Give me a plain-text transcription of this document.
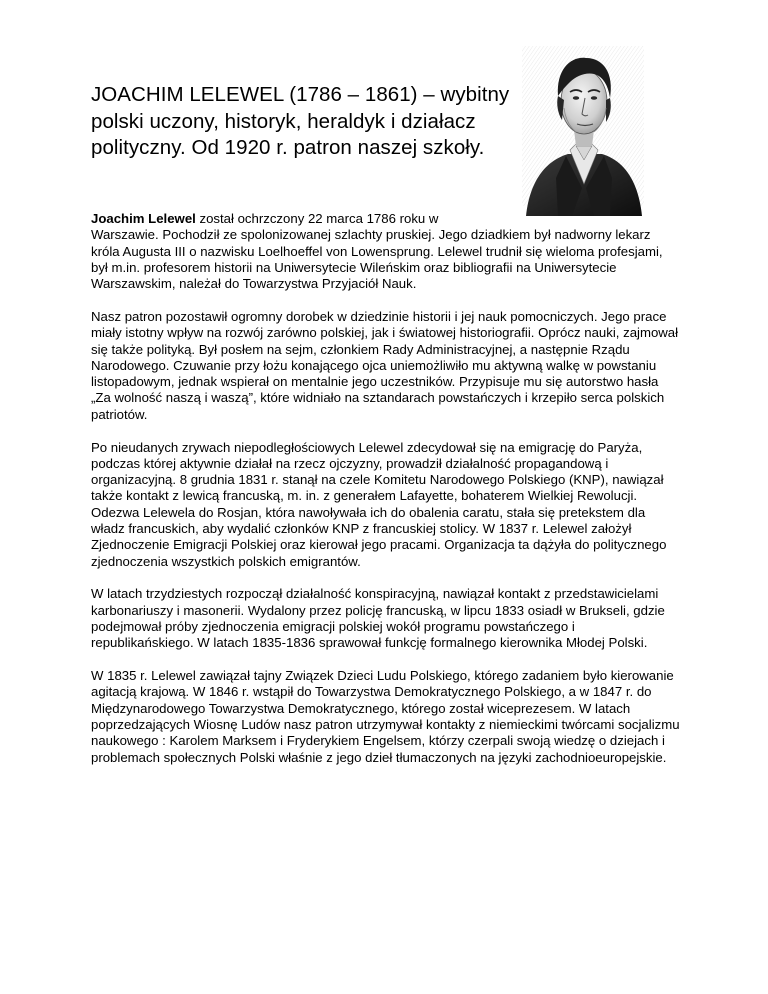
JOACHIM LELEWEL (1786 – 1861) – wybitny polski uczony, historyk, heraldyk i działacz polityczny. Od 1920 r. patron naszej szkoły.

Joachim Lelewel został ochrzczony 22 marca 1786 roku w
Warszawie. Pochodził ze spolonizowanej szlachty pruskiej. Jego dziadkiem był nadworny lekarz króla Augusta III o nazwisku Loelhoeffel von Lowensprung. Lelewel trudnił się wieloma profesjami, był m.in. profesorem historii na Uniwersytecie Wileńskim oraz bibliografii na Uniwersytecie Warszawskim, należał do Towarzystwa Przyjaciół Nauk.

Nasz patron pozostawił ogromny dorobek w dziedzinie historii i jej nauk pomocniczych. Jego prace miały istotny wpływ na rozwój zarówno polskiej, jak i światowej historiografii. Oprócz nauki, zajmował się także polityką. Był posłem na sejm, członkiem Rady Administracyjnej, a następnie Rządu Narodowego. Czuwanie przy łożu konającego ojca uniemożliwiło mu aktywną walkę w powstaniu listopadowym, jednak wspierał on mentalnie jego uczestników. Przypisuje mu się autorstwo hasła „Za wolność naszą i waszą”, które widniało na sztandarach powstańczych i krzepiło serca polskich patriotów.

Po nieudanych zrywach niepodległościowych Lelewel zdecydował się na emigrację do Paryża, podczas której aktywnie działał na rzecz ojczyzny, prowadził działalność propagandową i organizacyjną. 8 grudnia 1831 r. stanął na czele Komitetu Narodowego Polskiego (KNP), nawiązał także kontakt z lewicą francuską, m. in. z generałem Lafayette, bohaterem Wielkiej Rewolucji. Odezwa Lelewela do Rosjan, która nawoływała ich do obalenia caratu, stała się pretekstem dla władz francuskich, aby wydalić członków KNP z francuskiej stolicy. W 1837 r. Lelewel założył Zjednoczenie Emigracji Polskiej oraz kierował jego pracami. Organizacja ta dążyła do politycznego zjednoczenia wszystkich polskich emigrantów.

W latach trzydziestych rozpoczął działalność konspiracyjną, nawiązał kontakt z przedstawicielami karbonariuszy i masonerii. Wydalony przez policję francuską, w lipcu 1833 osiadł w Brukseli, gdzie podejmował próby zjednoczenia emigracji polskiej wokół programu powstańczego i republikańskiego. W latach 1835-1836 sprawował funkcję formalnego kierownika Młodej Polski.

W 1835 r. Lelewel zawiązał tajny Związek Dzieci Ludu Polskiego, którego zadaniem było kierowanie agitacją krajową. W 1846 r. wstąpił do Towarzystwa Demokratycznego Polskiego, a w 1847 r. do Międzynarodowego Towarzystwa Demokratycznego, którego został wiceprezesem. W latach poprzedzających Wiosnę Ludów nasz patron utrzymywał kontakty z niemieckimi twórcami socjalizmu naukowego : Karolem Marksem i Fryderykiem Engelsem, którzy czerpali swoją wiedzę o dziejach i problemach społecznych Polski właśnie z jego dzieł tłumaczonych na języki zachodnioeuropejskie.
